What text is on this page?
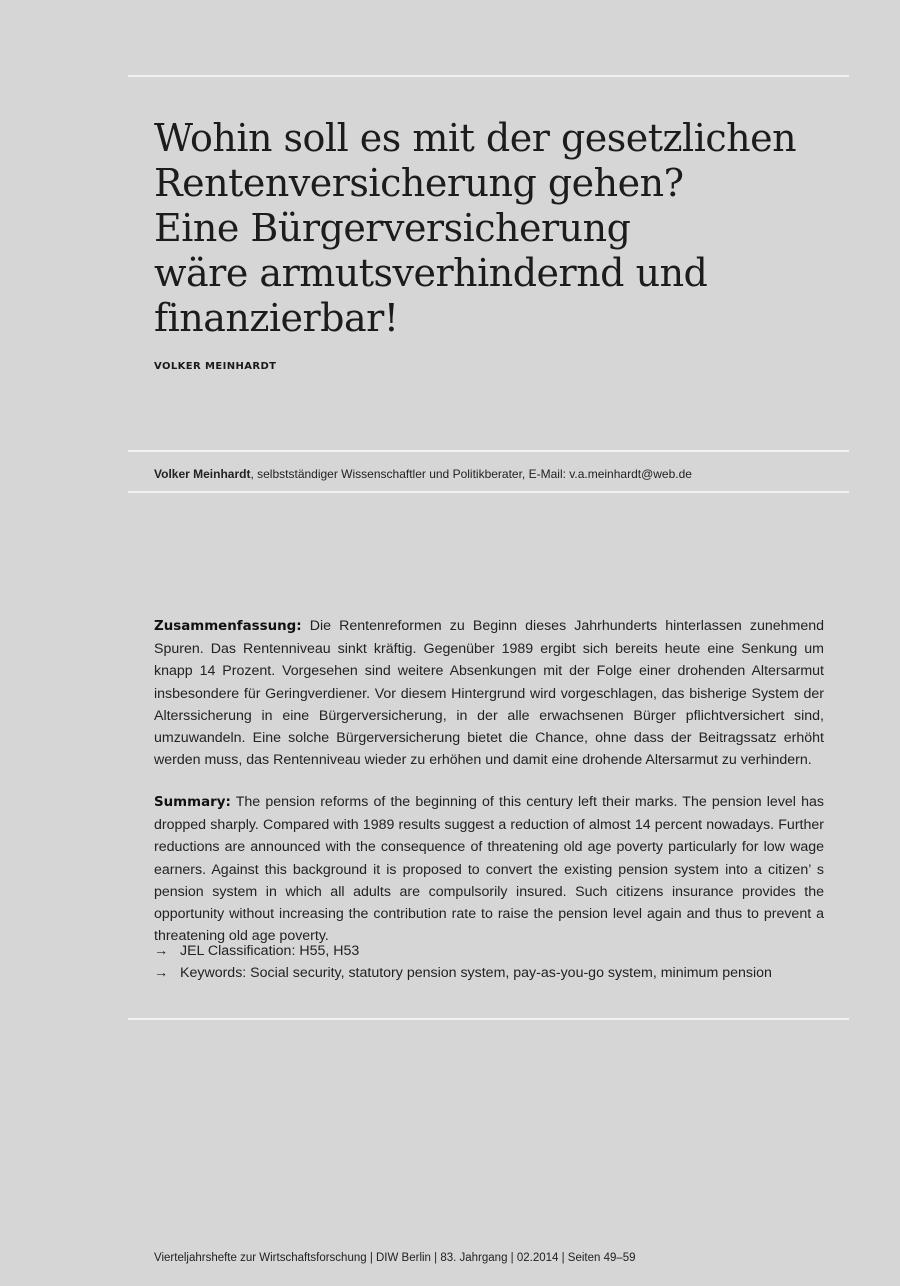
Wohin soll es mit der gesetzlichen
Rentenversicherung gehen?
Eine Bürgerversicherung
wäre armutsverhindernd und
finanzierbar!
VOLKER MEINHARDT
Volker Meinhardt, selbstständiger Wissenschaftler und Politikberater, E-Mail: v.a.meinhardt@web.de

Zusammenfassung: Die Rentenreformen zu Beginn dieses Jahrhunderts hinterlassen zunehmend Spuren. Das Rentenniveau sinkt kräftig. Gegenüber 1989 ergibt sich bereits heute eine Senkung um knapp 14 Prozent. Vorgesehen sind weitere Absenkungen mit der Folge einer drohenden Altersarmut insbesondere für Geringverdiener. Vor diesem Hintergrund wird vorgeschlagen, das bisherige System der Alterssicherung in eine Bürgerversicherung, in der alle erwachsenen Bürger pflichtversichert sind, umzuwandeln. Eine solche Bürgerversicherung bietet die Chance, ohne dass der Beitragssatz erhöht werden muss, das Rentenniveau wieder zu erhöhen und damit eine drohende Altersarmut zu verhindern.

Summary: The pension reforms of the beginning of this century left their marks. The pension level has dropped sharply. Compared with 1989 results suggest a reduction of almost 14 percent nowadays. Further reductions are announced with the consequence of threatening old age poverty particularly for low wage earners. Against this background it is proposed to convert the existing pension system into a citizen’ s pension system in which all adults are compulsorily insured. Such citizens insurance provides the opportunity without increasing the contribution rate to raise the pension level again and thus to prevent a threatening old age poverty.

→ JEL Classification: H55, H53
→ Keywords: Social security, statutory pension system, pay-as-you-go system, minimum pension
Vierteljahrshefte zur Wirtschaftsforschung | DIW Berlin | 83. Jahrgang | 02.2014 | Seiten 49–59
